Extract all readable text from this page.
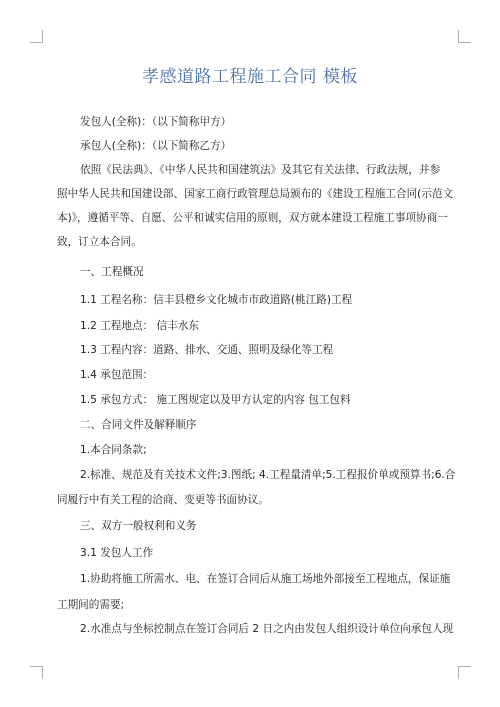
孝感道路工程施工合同 模板
发包人(全称)：（以下简称甲方）
承包人(全称)：（以下简称乙方）
依照《民法典》、《中华人民共和国建筑法》及其它有关法律、行政法规，并参
照中华人民共和国建设部、国家工商行政管理总局颁布的《建设工程施工合同(示范文
本)》，遵循平等、自愿、公平和诚实信用的原则，双方就本建设工程施工事项协商一
致，订立本合同。
一、工程概况
1.1 工程名称：信丰县橙乡文化城市市政道路(桃江路)工程
1.2 工程地点： 信丰水东
1.3 工程内容：道路、排水、交通、照明及绿化等工程
1.4 承包范围：
1.5 承包方式： 施工图规定以及甲方认定的内容 包工包料
二、合同文件及解释顺序
1.本合同条款;
2.标准、规范及有关技术文件;3.图纸; 4.工程量清单;5.工程报价单或预算书;6.合
同履行中有关工程的洽商、变更等书面协议。
三、双方一般权利和义务
3.1 发包人工作
1.协助将施工所需水、电、在签订合同后从施工场地外部接至工程地点，保证施
工期间的需要;
2.水准点与坐标控制点在签订合同后 2 日之内由发包人组织设计单位向承包人现
